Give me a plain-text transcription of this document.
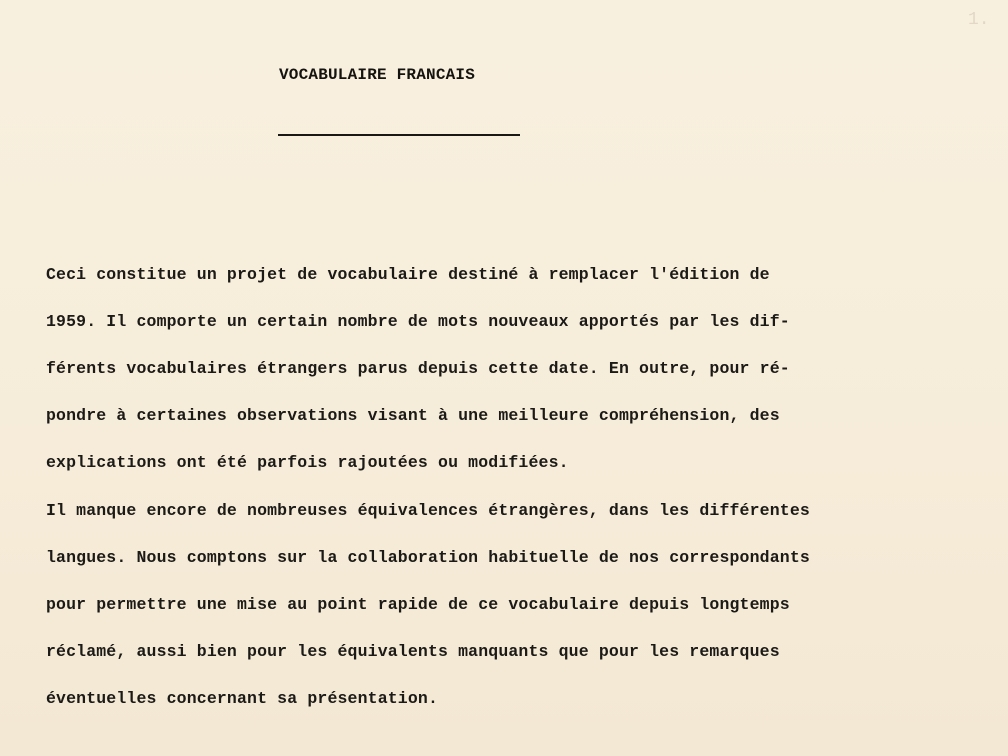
1.
VOCABULAIRE FRANCAIS
Ceci constitue un projet de vocabulaire destiné à remplacer l'édition de
1959. Il comporte un certain nombre de mots nouveaux apportés par les dif-
férents vocabulaires étrangers parus depuis cette date. En outre, pour ré-
pondre à certaines observations visant à une meilleure compréhension, des
explications ont été parfois rajoutées ou modifiées.
Il manque encore de nombreuses équivalences étrangères, dans les différentes
langues. Nous comptons sur la collaboration habituelle de nos correspondants
pour permettre une mise au point rapide de ce vocabulaire depuis longtemps
réclamé, aussi bien pour les équivalents manquants que pour les remarques
éventuelles concernant sa présentation.
